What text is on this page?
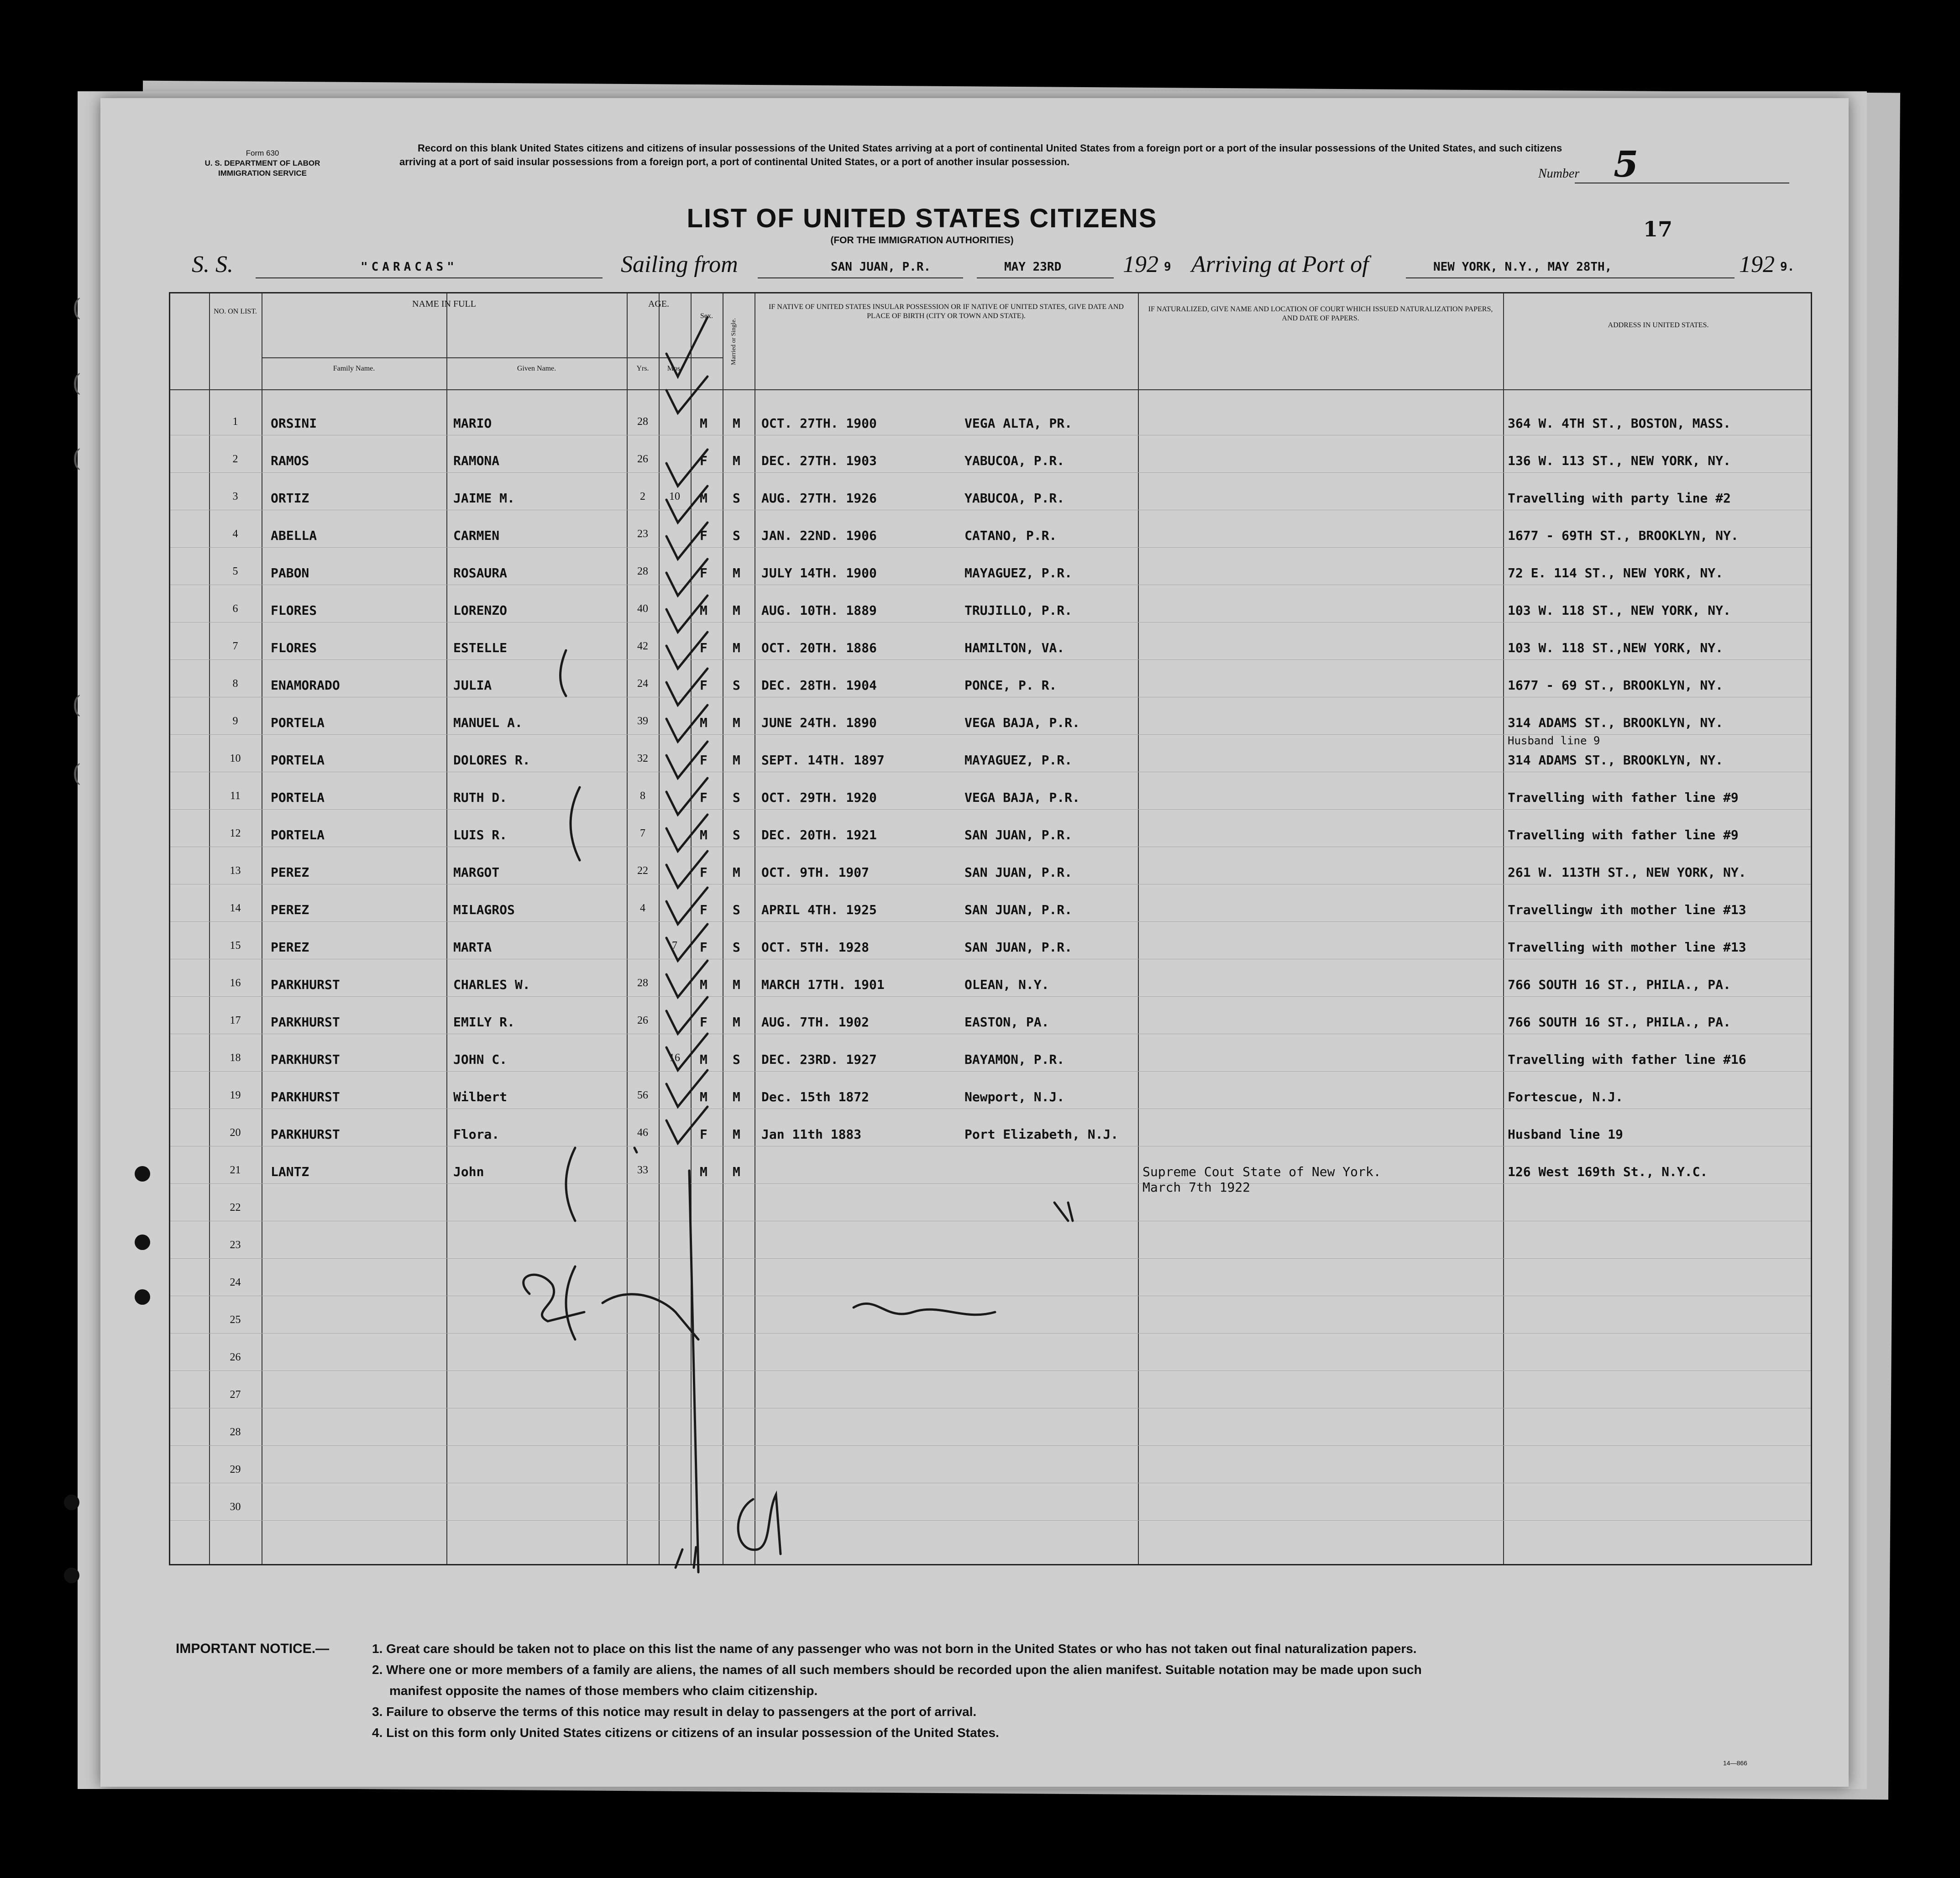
(
(
(
(
(
Form 630
U. S. DEPARTMENT OF LABOR
IMMIGRATION SERVICE

Record on this blank United States citizens and citizens of insular possessions of the United States arriving at a port of continental United States from a foreign port or a port of the insular possessions of the United States, and such citizens arriving at a port of said insular possessions from a foreign port, a port of continental United States, or a port of another insular possession.

Number 5
LIST OF UNITED STATES CITIZENS
(FOR THE IMMIGRATION AUTHORITIES)	17
S. S.	"CARACAS"	Sailing from	SAN JUAN, P.R.	MAY 23RD	192 9 Arriving at Port of	NEW YORK, N.Y., MAY 28TH,	192 9.
NO. ON LIST.
NAME IN FULL
Family Name.	Given Name.
AGE.
Yrs.	Mos.
Sex.
Married or Single.
IF NATIVE OF UNITED STATES INSULAR POSSESSION OR IF NATIVE OF UNITED STATES, GIVE DATE AND PLACE OF BIRTH (CITY OR TOWN AND STATE).
IF NATURALIZED, GIVE NAME AND LOCATION OF COURT WHICH ISSUED NATURALIZATION PAPERS, AND DATE OF PAPERS.
ADDRESS IN UNITED STATES.
1	ORSINI	MARIO	28	M M OCT. 27TH. 1900	VEGA ALTA, PR.	364 W. 4TH ST., BOSTON, MASS.
2	RAMOS	RAMONA	26	F M DEC. 27TH. 1903	YABUCOA, P.R.	136 W. 113 ST., NEW YORK, NY.
3	ORTIZ	JAIME M.	2	10	M S AUG. 27TH. 1926	YABUCOA, P.R.	Travelling with party line #2
4	ABELLA	CARMEN	23	F S JAN. 22ND. 1906	CATANO, P.R.	1677 - 69TH ST., BROOKLYN, NY.
5	PABON	ROSAURA	28	F M JULY 14TH. 1900	MAYAGUEZ, P.R.	72 E. 114 ST., NEW YORK, NY.
6	FLORES	LORENZO	40	M M AUG. 10TH. 1889	TRUJILLO, P.R.	103 W. 118 ST., NEW YORK, NY.
7	FLORES	ESTELLE	42	F M OCT. 20TH. 1886	HAMILTON, VA.	103 W. 118 ST.,NEW YORK, NY.
8	ENAMORADO	JULIA	24	F S DEC. 28TH. 1904	PONCE, P. R.	1677 - 69 ST., BROOKLYN, NY.
9	PORTELA	MANUEL A.	39	M M JUNE 24TH. 1890	VEGA BAJA, P.R.	314 ADAMS ST., BROOKLYN, NY.
10	PORTELA	DOLORES R.	32	F M SEPT. 14TH. 1897	MAYAGUEZ, P.R.	314 ADAMS ST., BROOKLYN, NY.
Husband line 9
11	PORTELA	RUTH D.	8	F S OCT. 29TH. 1920	VEGA BAJA, P.R.	Travelling with father line #9
12	PORTELA	LUIS R.	7	M S DEC. 20TH. 1921	SAN JUAN, P.R.	Travelling with father line #9
13	PEREZ	MARGOT	22	F M OCT. 9TH. 1907	SAN JUAN, P.R.	261 W. 113TH ST., NEW YORK, NY.
14	PEREZ	MILAGROS	4	F S APRIL 4TH. 1925	SAN JUAN, P.R.	Travellingw ith mother line #13
15	PEREZ	MARTA	7	F S OCT. 5TH. 1928	SAN JUAN, P.R.	Travelling with mother line #13
16	PARKHURST	CHARLES W.	28	M M MARCH 17TH. 1901	OLEAN, N.Y.	766 SOUTH 16 ST., PHILA., PA.
17	PARKHURST	EMILY R.	26	F M AUG. 7TH. 1902	EASTON, PA.	766 SOUTH 16 ST., PHILA., PA.
18	PARKHURST	JOHN C.	16	M S DEC. 23RD. 1927	BAYAMON, P.R.	Travelling with father line #16
19	PARKHURST	Wilbert	56	M M Dec. 15th 1872	Newport, N.J.	Fortescue, N.J.
20	PARKHURST	Flora.	46	F M Jan 11th 1883	Port Elizabeth, N.J.	Husband line 19
21	LANTZ	John	33	M M	Supreme Cout State of New York.	126 West 169th St., N.Y.C.
March 7th 1922
22
23
24
25
26
27
28
29
30
IMPORTANT NOTICE.—	1. Great care should be taken not to place on this list the name of any passenger who was not born in the United States or who has not taken out final naturalization papers.
2. Where one or more members of a family are aliens, the names of all such members should be recorded upon the alien manifest. Suitable notation may be made upon such
manifest opposite the names of those members who claim citizenship.
3. Failure to observe the terms of this notice may result in delay to passengers at the port of arrival.
4. List on this form only United States citizens or citizens of an insular possession of the United States.
14—866
